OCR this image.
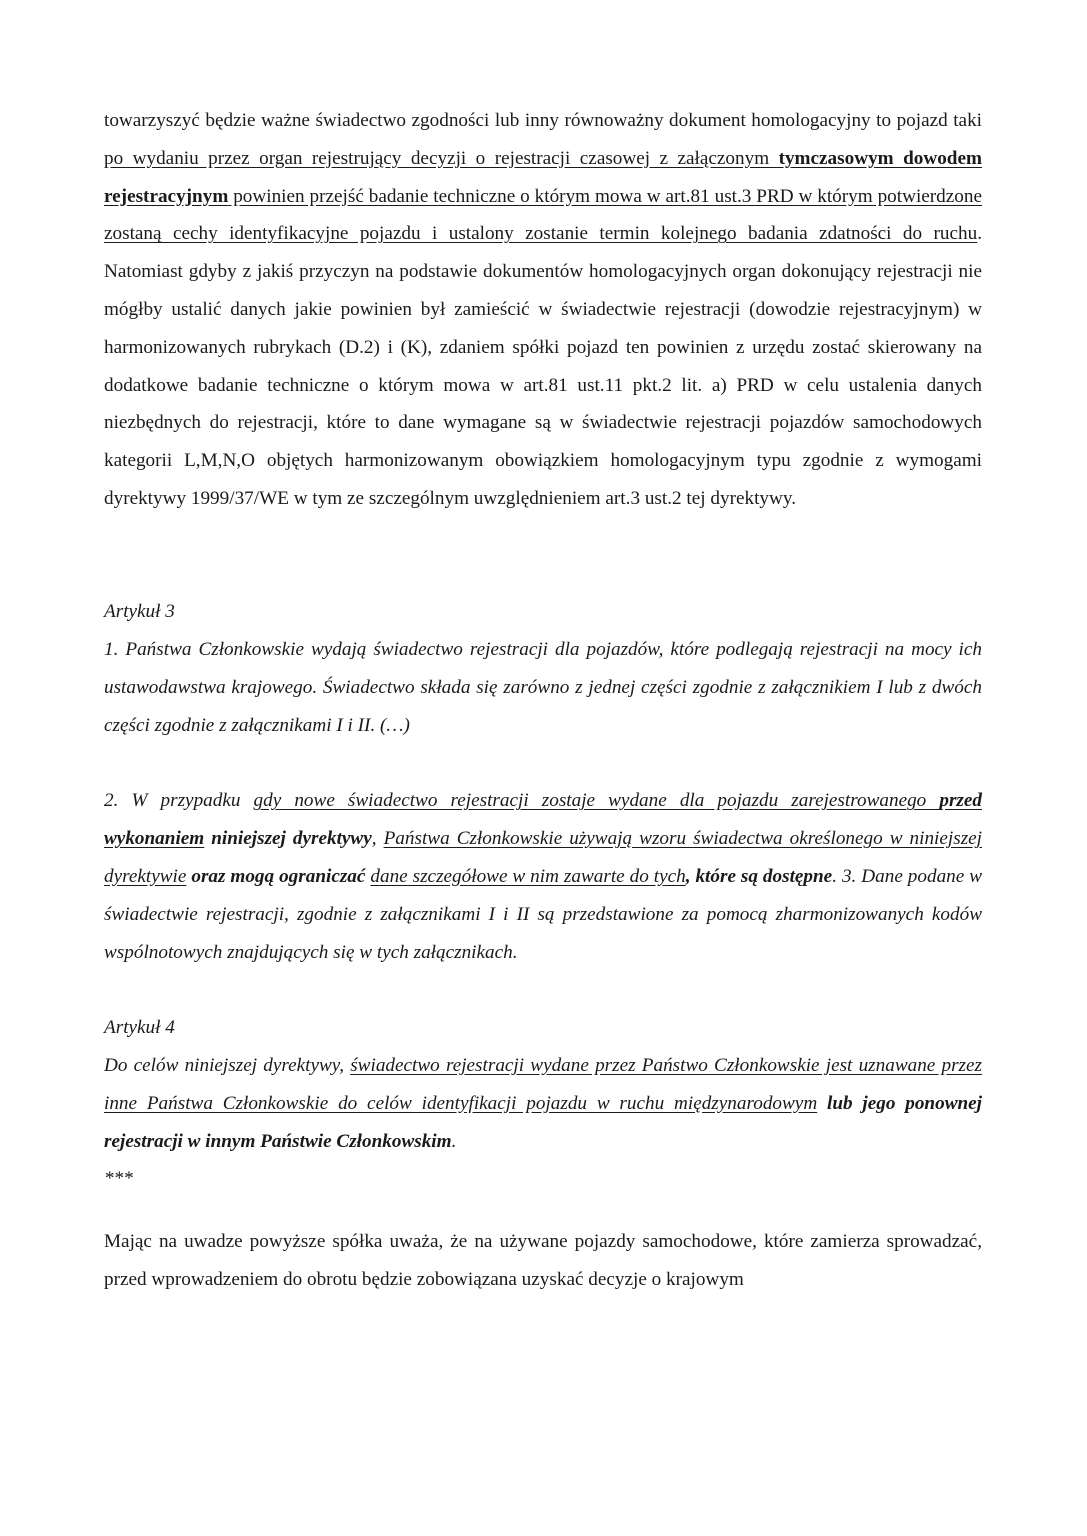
towarzyszyć będzie ważne świadectwo zgodności lub inny równoważny dokument homologacyjny to pojazd taki po wydaniu przez organ rejestrujący decyzji o rejestracji czasowej z załączonym tymczasowym dowodem rejestracyjnym powinien przejść badanie techniczne o którym mowa w art.81 ust.3 PRD w którym potwierdzone zostaną cechy identyfikacyjne pojazdu i ustalony zostanie termin kolejnego badania zdatności do ruchu. Natomiast gdyby z jakiś przyczyn na podstawie dokumentów homologacyjnych organ dokonujący rejestracji nie mógłby ustalić danych jakie powinien był zamieścić w świadectwie rejestracji (dowodzie rejestracyjnym) w harmonizowanych rubrykach (D.2) i (K), zdaniem spółki pojazd ten powinien z urzędu zostać skierowany na dodatkowe badanie techniczne o którym mowa w art.81 ust.11 pkt.2 lit. a) PRD w celu ustalenia danych niezbędnych do rejestracji, które to dane wymagane są w świadectwie rejestracji pojazdów samochodowych kategorii L,M,N,O objętych harmonizowanym obowiązkiem homologacyjnym typu zgodnie z wymogami dyrektywy 1999/37/WE w tym ze szczególnym uwzględnieniem art.3 ust.2 tej dyrektywy.

Artykuł 3

1. Państwa Członkowskie wydają świadectwo rejestracji dla pojazdów, które podlegają rejestracji na mocy ich ustawodawstwa krajowego. Świadectwo składa się zarówno z jednej części zgodnie z załącznikiem I lub z dwóch części zgodnie z załącznikami I i II. (…)

2. W przypadku gdy nowe świadectwo rejestracji zostaje wydane dla pojazdu zarejestrowanego przed wykonaniem niniejszej dyrektywy, Państwa Członkowskie używają wzoru świadectwa określonego w niniejszej dyrektywie oraz mogą ograniczać dane szczegółowe w nim zawarte do tych, które są dostępne. 3. Dane podane w świadectwie rejestracji, zgodnie z załącznikami I i II są przedstawione za pomocą zharmonizowanych kodów wspólnotowych znajdujących się w tych załącznikach.

Artykuł 4

Do celów niniejszej dyrektywy, świadectwo rejestracji wydane przez Państwo Członkowskie jest uznawane przez inne Państwa Członkowskie do celów identyfikacji pojazdu w ruchu międzynarodowym lub jego ponownej rejestracji w innym Państwie Członkowskim.

***

Mając na uwadze powyższe spółka uważa, że na używane pojazdy samochodowe, które zamierza sprowadzać, przed wprowadzeniem do obrotu będzie zobowiązana uzyskać decyzje o krajowym
